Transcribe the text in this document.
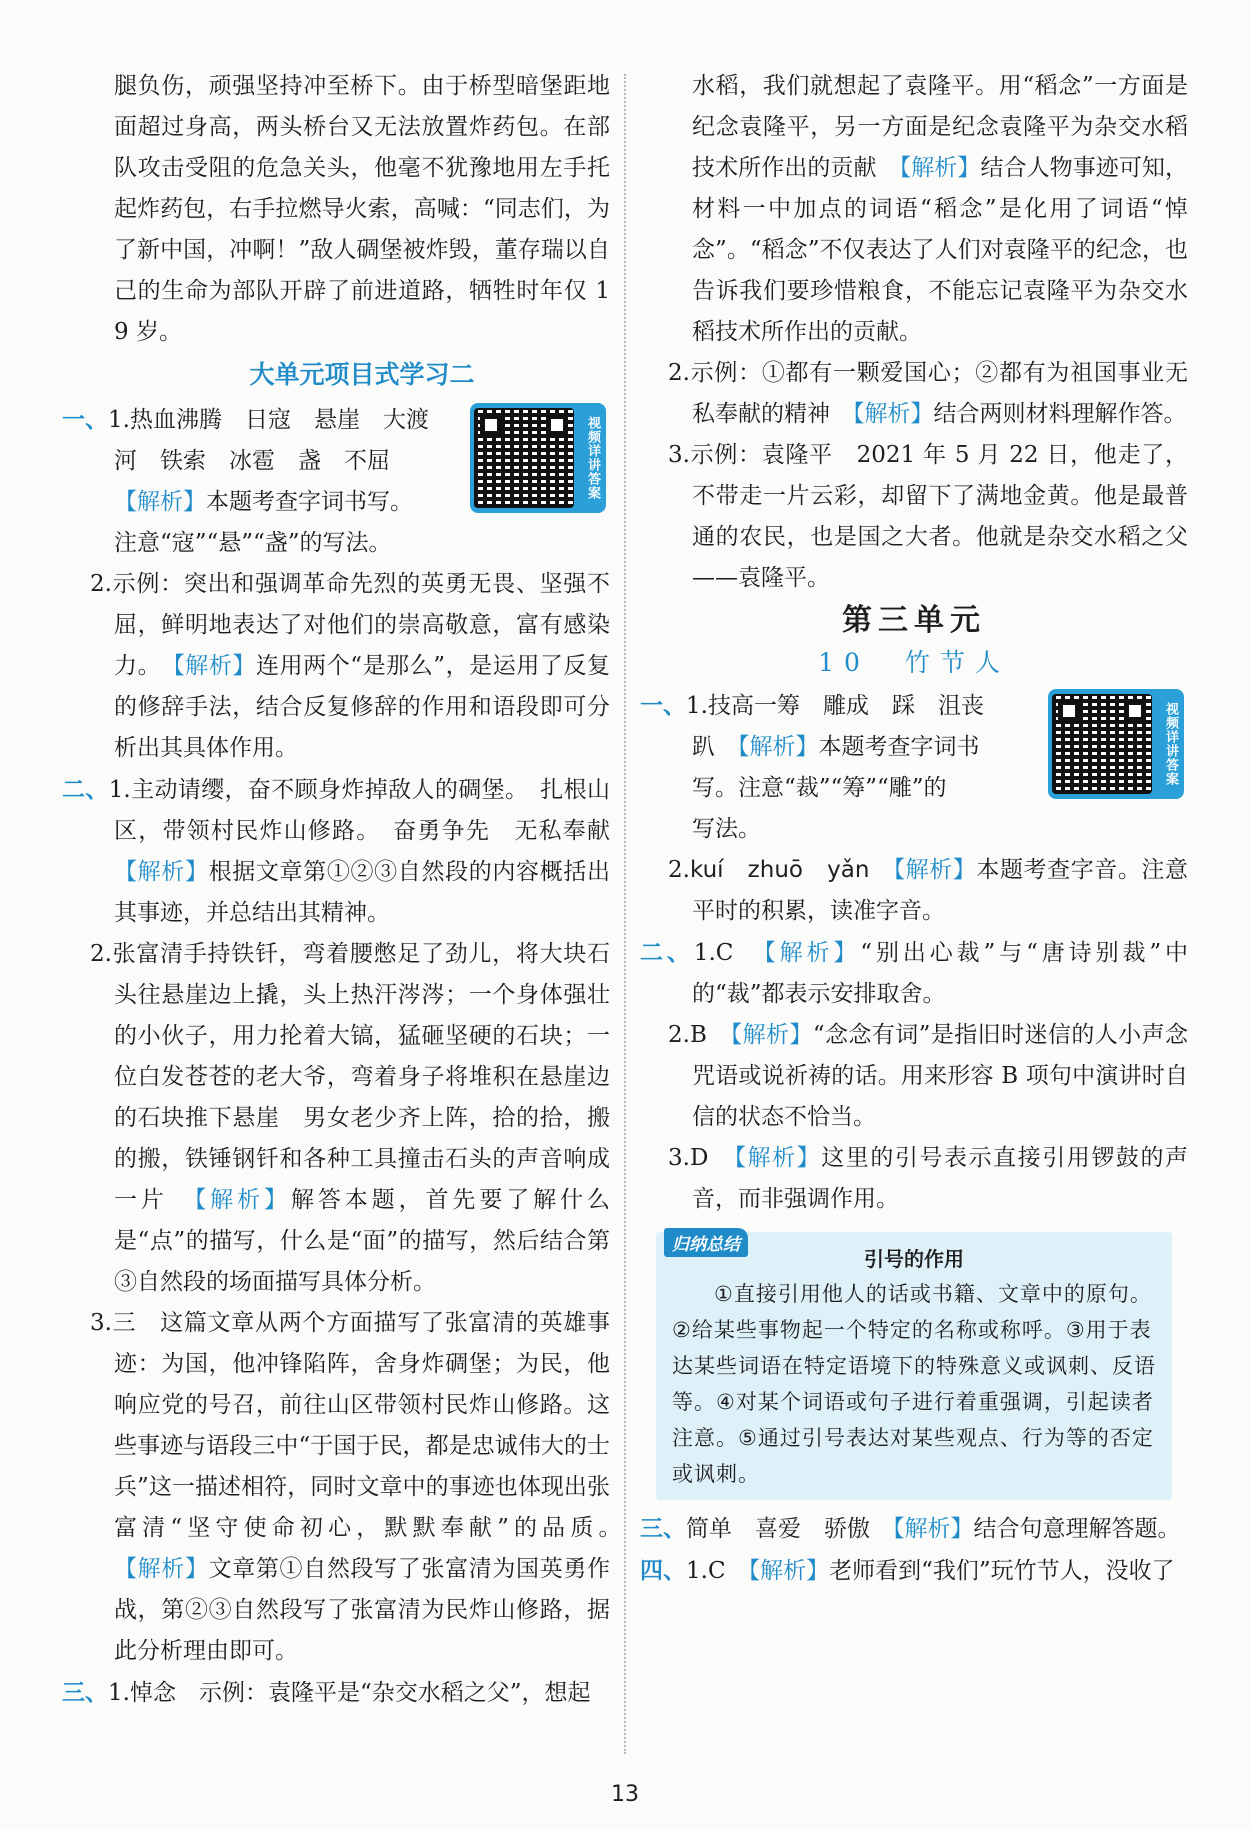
腿负伤，顽强坚持冲至桥下。由于桥型暗堡距地面超过身高，两头桥台又无法放置炸药包。在部队攻击受阻的危急关头，他毫不犹豫地用左手托起炸药包，右手拉燃导火索，高喊：“同志们，为了新中国，冲啊！”敌人碉堡被炸毁，董存瑞以自己的生命为部队开辟了前进道路，牺牲时年仅 19 岁。

大单元项目式学习二
视频详讲答案

一、1.热血沸腾　日寇　悬崖　大渡

河　铁索　冰雹　盏　不屈

【解析】本题考查字词书写。

注意“寇”“悬”“盏”的写法。

2.示例：突出和强调革命先烈的英勇无畏、坚强不屈，鲜明地表达了对他们的崇高敬意，富有感染力。　 【解析】连用两个“是那么”，是运用了反复的修辞手法，结合反复修辞的作用和语段即可分析出其具体作用。

二、1.主动请缨，奋不顾身炸掉敌人的碉堡。　扎根山区，带领村民炸山修路。　奋勇争先　无私奉献　【解析】根据文章第①②③自然段的内容概括出其事迹，并总结出其精神。

2.张富清手持铁钎，弯着腰憋足了劲儿，将大块石头往悬崖边上撬，头上热汗涔涔；一个身体强壮的小伙子，用力抡着大镐，猛砸坚硬的石块；一位白发苍苍的老大爷，弯着身子将堆积在悬崖边的石块推下悬崖　男女老少齐上阵，拾的拾，搬的搬，铁锤钢钎和各种工具撞击石头的声音响成一片　 【解析】解答本题，首先要了解什么是“点”的描写，什么是“面”的描写，然后结合第③自然段的场面描写具体分析。

3.三　这篇文章从两个方面描写了张富清的英雄事迹：为国，他冲锋陷阵，舍身炸碉堡；为民，他响应党的号召，前往山区带领村民炸山修路。这些事迹与语段三中“于国于民，都是忠诚伟大的士兵”这一描述相符，同时文章中的事迹也体现出张富清“坚守使命初心，默默奉献”的品质。　【解析】文章第①自然段写了张富清为国英勇作战，第②③自然段写了张富清为民炸山修路，据此分析理由即可。

三、1.悼念　示例：袁隆平是“杂交水稻之父”，想起

水稻，我们就想起了袁隆平。用“稻念”一方面是纪念袁隆平，另一方面是纪念袁隆平为杂交水稻技术所作出的贡献　 【解析】结合人物事迹可知，材料一中加点的词语“稻念”是化用了词语“悼念”。“稻念”不仅表达了人们对袁隆平的纪念，也告诉我们要珍惜粮食，不能忘记袁隆平为杂交水稻技术所作出的贡献。

2.示例：①都有一颗爱国心；②都有为祖国事业无私奉献的精神　 【解析】结合两则材料理解作答。

3.示例：袁隆平　2021 年 5 月 22 日，他走了，不带走一片云彩，却留下了满地金黄。他是最普通的农民，也是国之大者。他就是杂交水稻之父——袁隆平。

第三单元
10　竹节人
视频详讲答案

一、1.技高一筹　雕成　踩　沮丧

趴　 【解析】本题考查字词书

写。注意“裁”“筹”“雕”的

写法。

2.kuí　zhuō　yǎn　 【解析】本题考查字音。注意平时的积累，读准字音。

二、1.C　 【解析】“别出心裁”与“唐诗别裁”中的“裁”都表示安排取舍。

2.B　 【解析】“念念有词”是指旧时迷信的人小声念咒语或说祈祷的话。用来形容 B 项句中演讲时自信的状态不恰当。

3.D　 【解析】这里的引号表示直接引用锣鼓的声音，而非强调作用。

归纳总结
引号的作用

①直接引用他人的话或书籍、文章中的原句。②给某些事物起一个特定的名称或称呼。③用于表达某些词语在特定语境下的特殊意义或讽刺、反语等。④对某个词语或句子进行着重强调，引起读者注意。⑤通过引号表达对某些观点、行为等的否定或讽刺。

三、简单　喜爱　骄傲　 【解析】结合句意理解答题。

四、1.C　 【解析】老师看到“我们”玩竹节人，没收了

13
